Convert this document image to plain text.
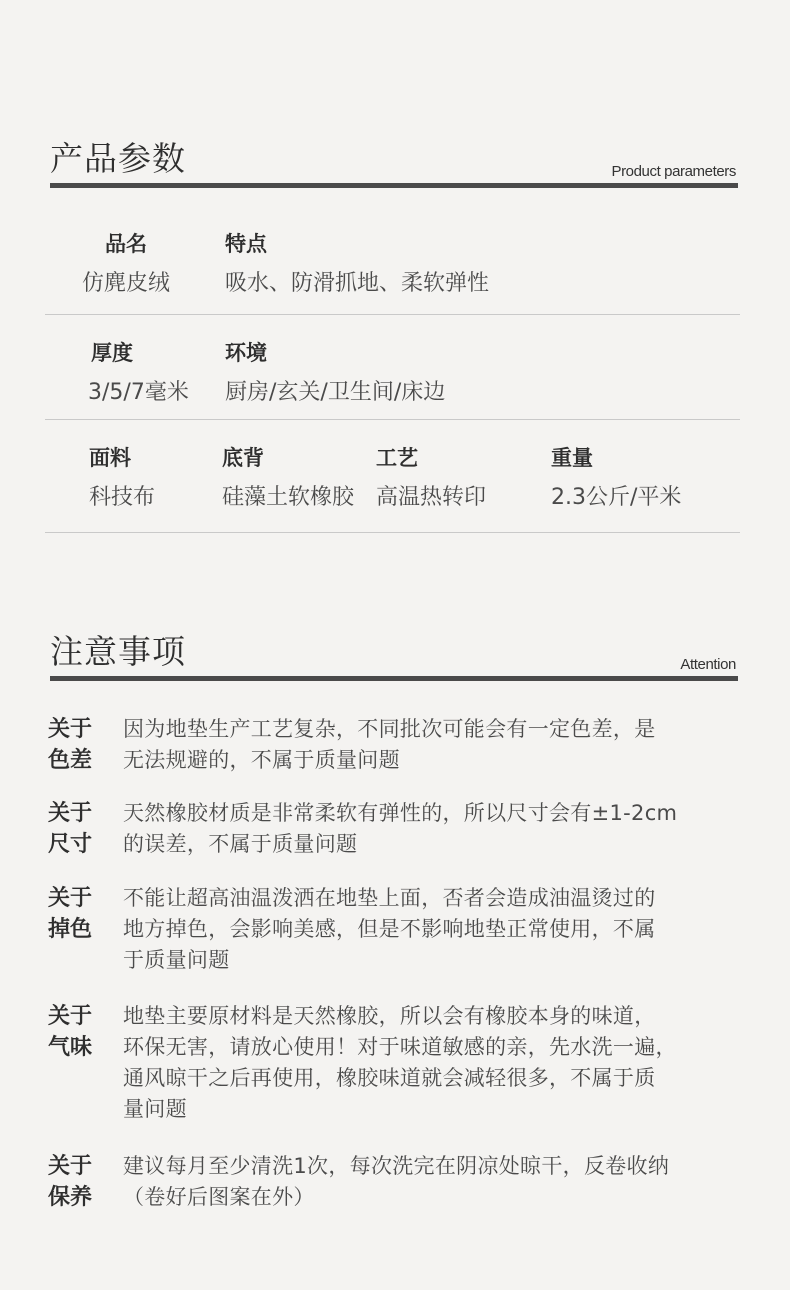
产品参数	Product parameters
品名
仿麂皮绒
特点
吸水、防滑抓地、柔软弹性
厚度
3/5/7毫米
环境
厨房/玄关/卫生间/床边
面料
科技布
底背
硅藻土软橡胶
工艺
高温热转印
重量
2.3公斤/平米
注意事项	Attention
关于
色差
因为地垫生产工艺复杂，不同批次可能会有一定色差，是
无法规避的，不属于质量问题
关于
尺寸
天然橡胶材质是非常柔软有弹性的，所以尺寸会有±1-2cm
的误差，不属于质量问题
关于
掉色
不能让超高油温泼洒在地垫上面，否者会造成油温烫过的
地方掉色，会影响美感，但是不影响地垫正常使用，不属
于质量问题
关于
气味
地垫主要原材料是天然橡胶，所以会有橡胶本身的味道，
环保无害，请放心使用！对于味道敏感的亲，先水洗一遍，
通风晾干之后再使用，橡胶味道就会减轻很多，不属于质
量问题
关于
保养
建议每月至少清洗1次，每次洗完在阴凉处晾干，反卷收纳
（卷好后图案在外）
